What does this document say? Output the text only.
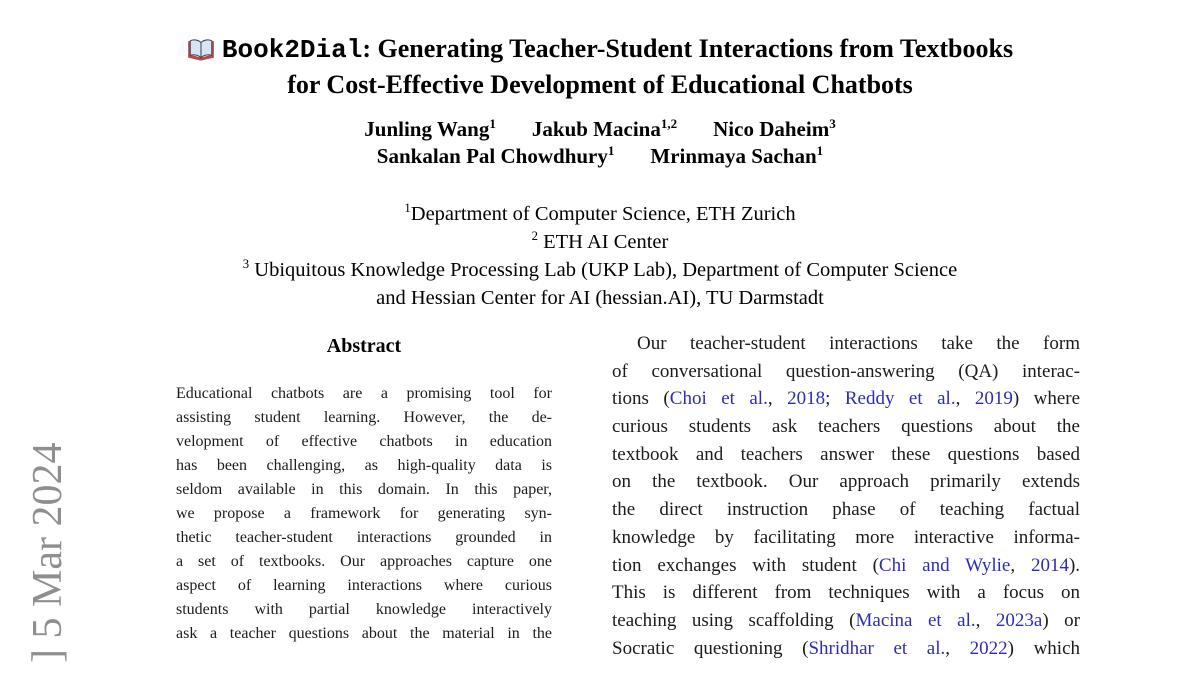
] 5 Mar 2024
Book2Dial: Generating Teacher-Student Interactions from Textbooks
for Cost-Effective Development of Educational Chatbots
Junling Wang$^1$ Jakub Macina$^{1,2}$ Nico Daheim$^3$
Sankalan Pal Chowdhury$^1$ Mrinmaya Sachan$^1$
$^1$Department of Computer Science, ETH Zurich
$^2$ ETH AI Center
$^3$ Ubiquitous Knowledge Processing Lab (UKP Lab), Department of Computer Science
and Hessian Center for AI (hessian.AI), TU Darmstadt
Abstract
Educational chatbots are a promising tool for
assisting student learning. However, the de-
velopment of effective chatbots in education
has been challenging, as high-quality data is
seldom available in this domain. In this paper,
we propose a framework for generating syn-
thetic teacher-student interactions grounded in
a set of textbooks. Our approaches capture one
aspect of learning interactions where curious
students with partial knowledge interactively
ask a teacher questions about the material in the
Our teacher-student interactions take the form
of conversational question-answering (QA) interac-
tions (Choi et al., 2018; Reddy et al., 2019) where
curious students ask teachers questions about the
textbook and teachers answer these questions based
on the textbook. Our approach primarily extends
the direct instruction phase of teaching factual
knowledge by facilitating more interactive informa-
tion exchanges with student (Chi and Wylie, 2014).
This is different from techniques with a focus on
teaching using scaffolding (Macina et al., 2023a) or
Socratic questioning (Shridhar et al., 2022) which
